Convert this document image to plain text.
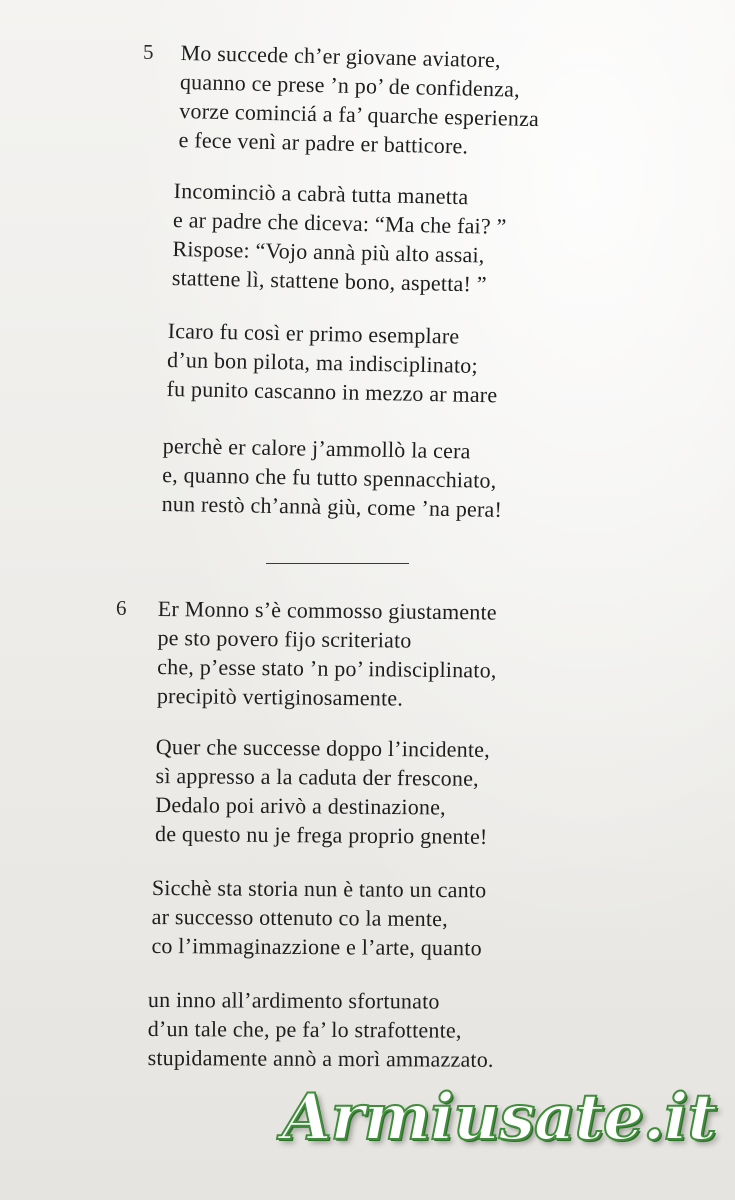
5 Mo succede ch’er giovane aviatore,
quanno ce prese ’n po’ de confidenza,
vorze cominciá a fa’ quarche esperienza
e fece venì ar padre er batticore.
Incominciò a cabrà tutta manetta
e ar padre che diceva: “Ma che fai? ”
Rispose: “Vojo annà più alto assai,
stattene lì, stattene bono, aspetta! ”
Icaro fu così er primo esemplare
d’un bon pilota, ma indisciplinato;
fu punito cascanno in mezzo ar mare
perchè er calore j’ammollò la cera
e, quanno che fu tutto spennacchiato,
nun restò ch’annà giù, come ’na pera!
6 Er Monno s’è commosso giustamente
pe sto povero fijo scriteriato
che, p’esse stato ’n po’ indisciplinato,
precipitò vertiginosamente.
Quer che successe doppo l’incidente,
sì appresso a la caduta der frescone,
Dedalo poi arivò a destinazione,
de questo nu je frega proprio gnente!
Sicchè sta storia nun è tanto un canto
ar successo ottenuto co la mente,
co l’immaginazzione e l’arte, quanto
un inno all’ardimento sfortunato
d’un tale che, pe fa’ lo strafottente,
stupidamente annò a morì ammazzato.
Armiusate.it
